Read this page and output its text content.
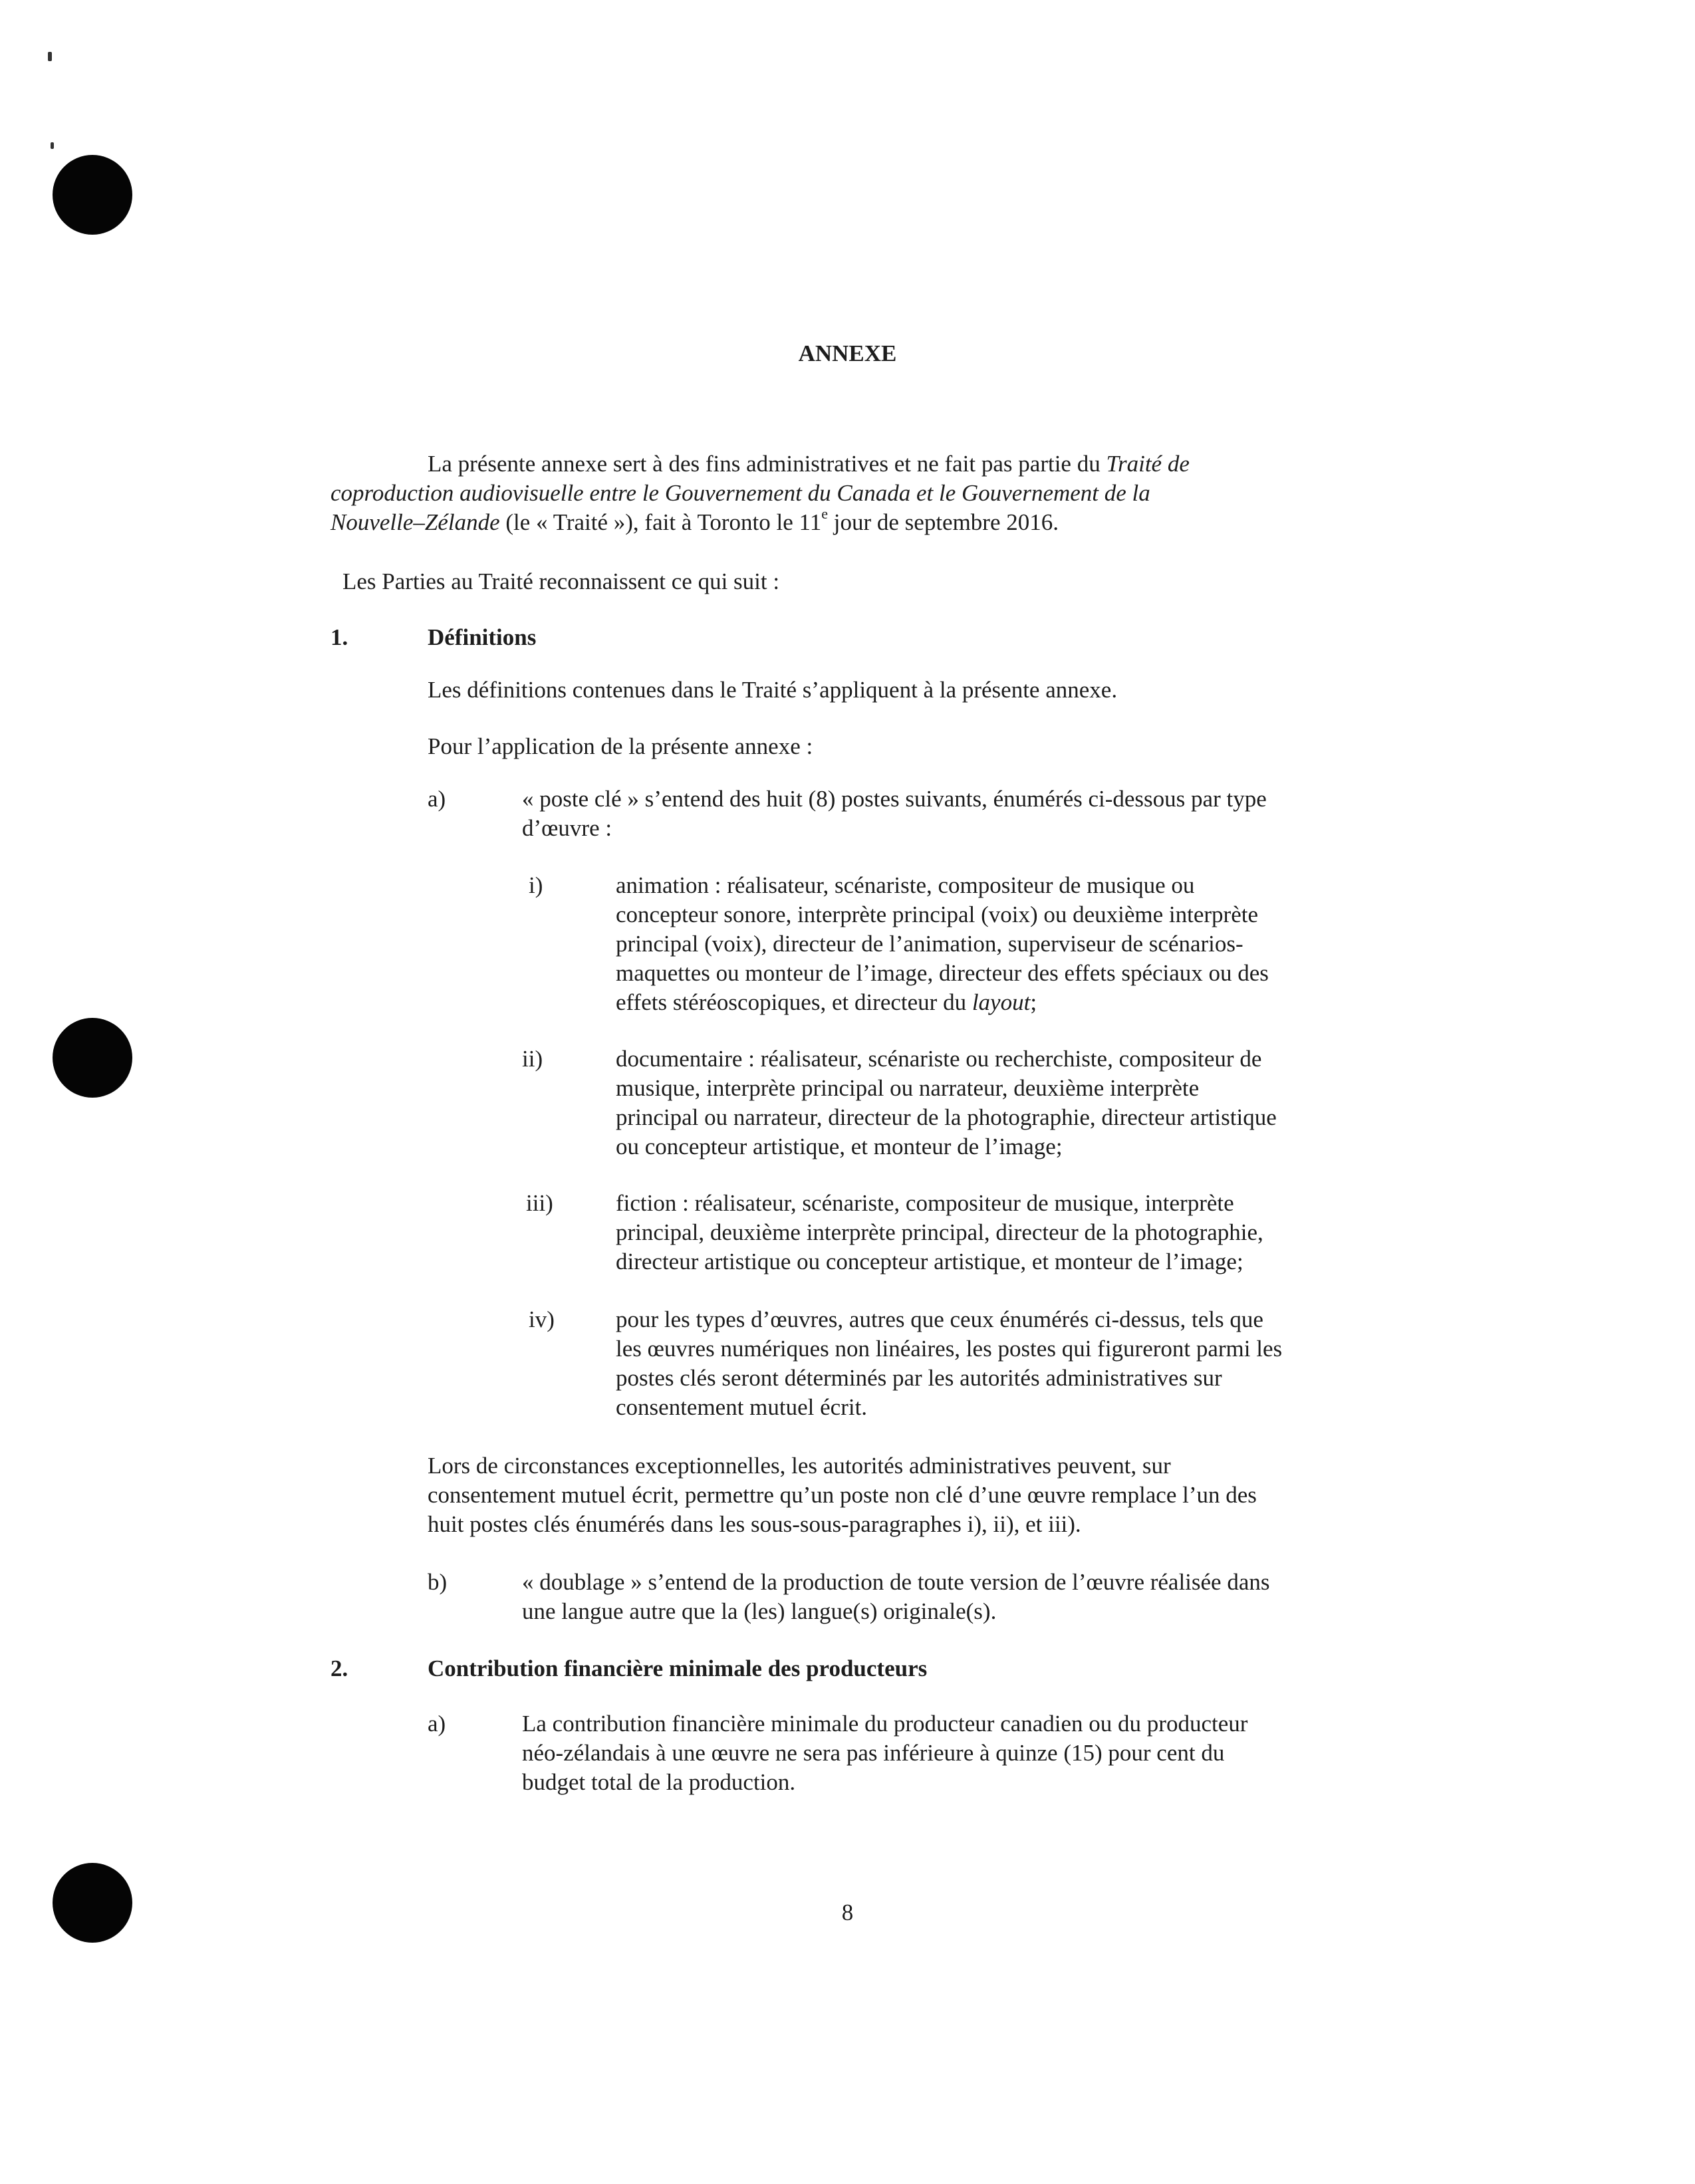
ANNEXE
La présente annexe sert à des fins administratives et ne fait pas partie du Traité de
coproduction audiovisuelle entre le Gouvernement du Canada et le Gouvernement de la
Nouvelle–Zélande (le « Traité »), fait à Toronto le 11e jour de septembre 2016.
Les Parties au Traité reconnaissent ce qui suit :
1.	Définitions
Les définitions contenues dans le Traité s’appliquent à la présente annexe.
Pour l’application de la présente annexe :
a)	« poste clé » s’entend des huit (8) postes suivants, énumérés ci-dessous par type
d’œuvre :
i)	animation : réalisateur, scénariste, compositeur de musique ou
concepteur sonore, interprète principal (voix) ou deuxième interprète
principal (voix), directeur de l’animation, superviseur de scénarios-
maquettes ou monteur de l’image, directeur des effets spéciaux ou des
effets stéréoscopiques, et directeur du layout;
ii)	documentaire : réalisateur, scénariste ou recherchiste, compositeur de
musique, interprète principal ou narrateur, deuxième interprète
principal ou narrateur, directeur de la photographie, directeur artistique
ou concepteur artistique, et monteur de l’image;
iii)	fiction : réalisateur, scénariste, compositeur de musique, interprète
principal, deuxième interprète principal, directeur de la photographie,
directeur artistique ou concepteur artistique, et monteur de l’image;
iv)	pour les types d’œuvres, autres que ceux énumérés ci-dessus, tels que
les œuvres numériques non linéaires, les postes qui figureront parmi les
postes clés seront déterminés par les autorités administratives sur
consentement mutuel écrit.
Lors de circonstances exceptionnelles, les autorités administratives peuvent, sur
consentement mutuel écrit, permettre qu’un poste non clé d’une œuvre remplace l’un des
huit postes clés énumérés dans les sous-sous-paragraphes i), ii), et iii).
b)	« doublage » s’entend de la production de toute version de l’œuvre réalisée dans
une langue autre que la (les) langue(s) originale(s).
2.	Contribution financière minimale des producteurs
a)	La contribution financière minimale du producteur canadien ou du producteur
néo-zélandais à une œuvre ne sera pas inférieure à quinze (15) pour cent du
budget total de la production.
8
